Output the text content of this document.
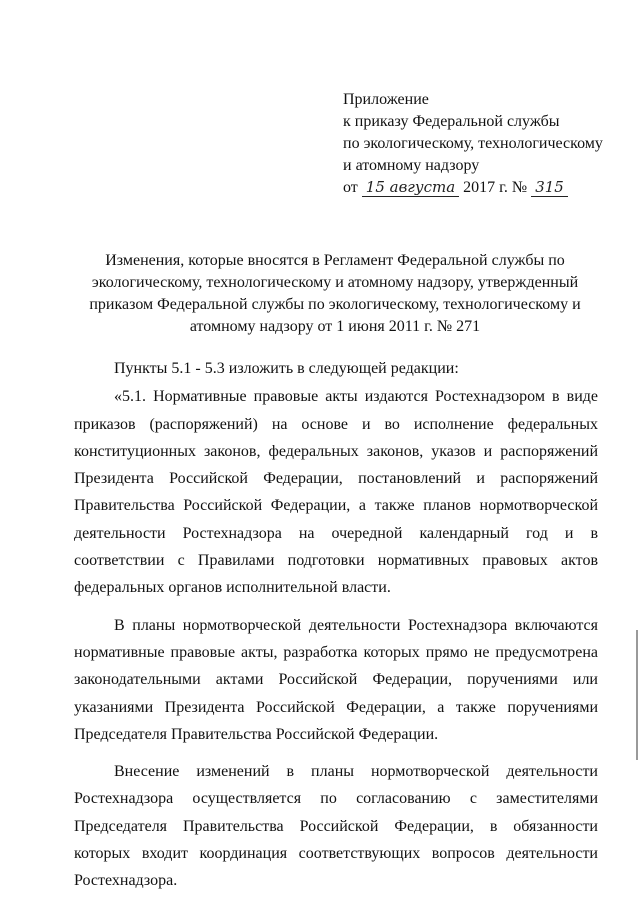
Приложение
к приказу Федеральной службы
по экологическому, технологическому
и атомному надзору
от 15 августа 2017 г. № 315
Изменения, которые вносятся в Регламент Федеральной службы по экологическому, технологическому и атомному надзору, утвержденный приказом Федеральной службы по экологическому, технологическому и атомному надзору от 1 июня 2011 г. № 271

Пункты 5.1 - 5.3 изложить в следующей редакции:

«5.1. Нормативные правовые акты издаются Ростехнадзором в виде приказов (распоряжений) на основе и во исполнение федеральных конституционных законов, федеральных законов, указов и распоряжений Президента Российской Федерации, постановлений и распоряжений Правительства Российской Федерации, а также планов нормотворческой деятельности Ростехнадзора на очередной календарный год и в соответствии с Правилами подготовки нормативных правовых актов федеральных органов исполнительной власти.

В планы нормотворческой деятельности Ростехнадзора включаются нормативные правовые акты, разработка которых прямо не предусмотрена законодательными актами Российской Федерации, поручениями или указаниями Президента Российской Федерации, а также поручениями Председателя Правительства Российской Федерации.

Внесение изменений в планы нормотворческой деятельности Ростехнадзора осуществляется по согласованию с заместителями Председателя Правительства Российской Федерации, в обязанности которых входит координация соответствующих вопросов деятельности Ростехнадзора.
